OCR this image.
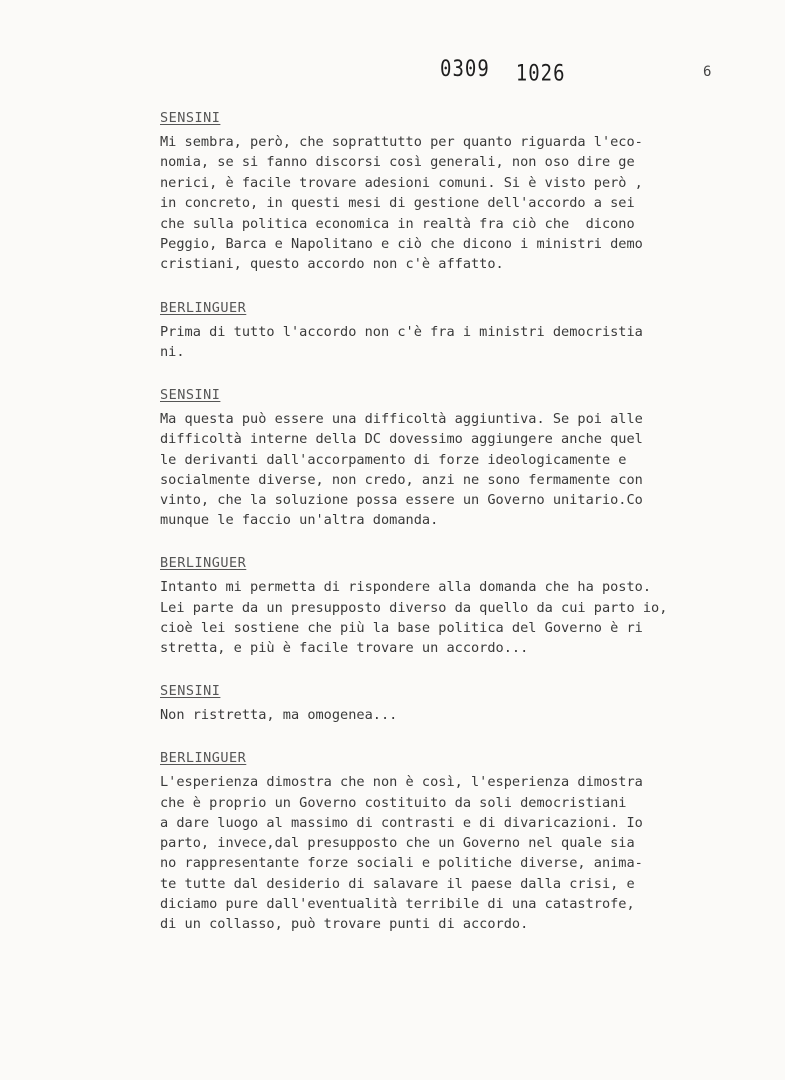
0309 1026	6
SENSINI
Mi sembra, però, che soprattutto per quanto riguarda l'eco-
nomia, se si fanno discorsi così generali, non oso dire ge
nerici, è facile trovare adesioni comuni. Si è visto però ,
in concreto, in questi mesi di gestione dell'accordo a sei
che sulla politica economica in realtà fra ciò che  dicono
Peggio, Barca e Napolitano e ciò che dicono i ministri demo
cristiani, questo accordo non c'è affatto.
BERLINGUER
Prima di tutto l'accordo non c'è fra i ministri democristia
ni.
SENSINI
Ma questa può essere una difficoltà aggiuntiva. Se poi alle
difficoltà interne della DC dovessimo aggiungere anche quel
le derivanti dall'accorpamento di forze ideologicamente e
socialmente diverse, non credo, anzi ne sono fermamente con
vinto, che la soluzione possa essere un Governo unitario.Co
munque le faccio un'altra domanda.
BERLINGUER
Intanto mi permetta di rispondere alla domanda che ha posto.
Lei parte da un presupposto diverso da quello da cui parto io,
cioè lei sostiene che più la base politica del Governo è ri
stretta, e più è facile trovare un accordo...
SENSINI
Non ristretta, ma omogenea...
BERLINGUER
L'esperienza dimostra che non è così, l'esperienza dimostra
che è proprio un Governo costituito da soli democristiani
a dare luogo al massimo di contrasti e di divaricazioni. Io
parto, invece,dal presupposto che un Governo nel quale sia
no rappresentante forze sociali e politiche diverse, anima-
te tutte dal desiderio di salavare il paese dalla crisi, e
diciamo pure dall'eventualità terribile di una catastrofe,
di un collasso, può trovare punti di accordo.
